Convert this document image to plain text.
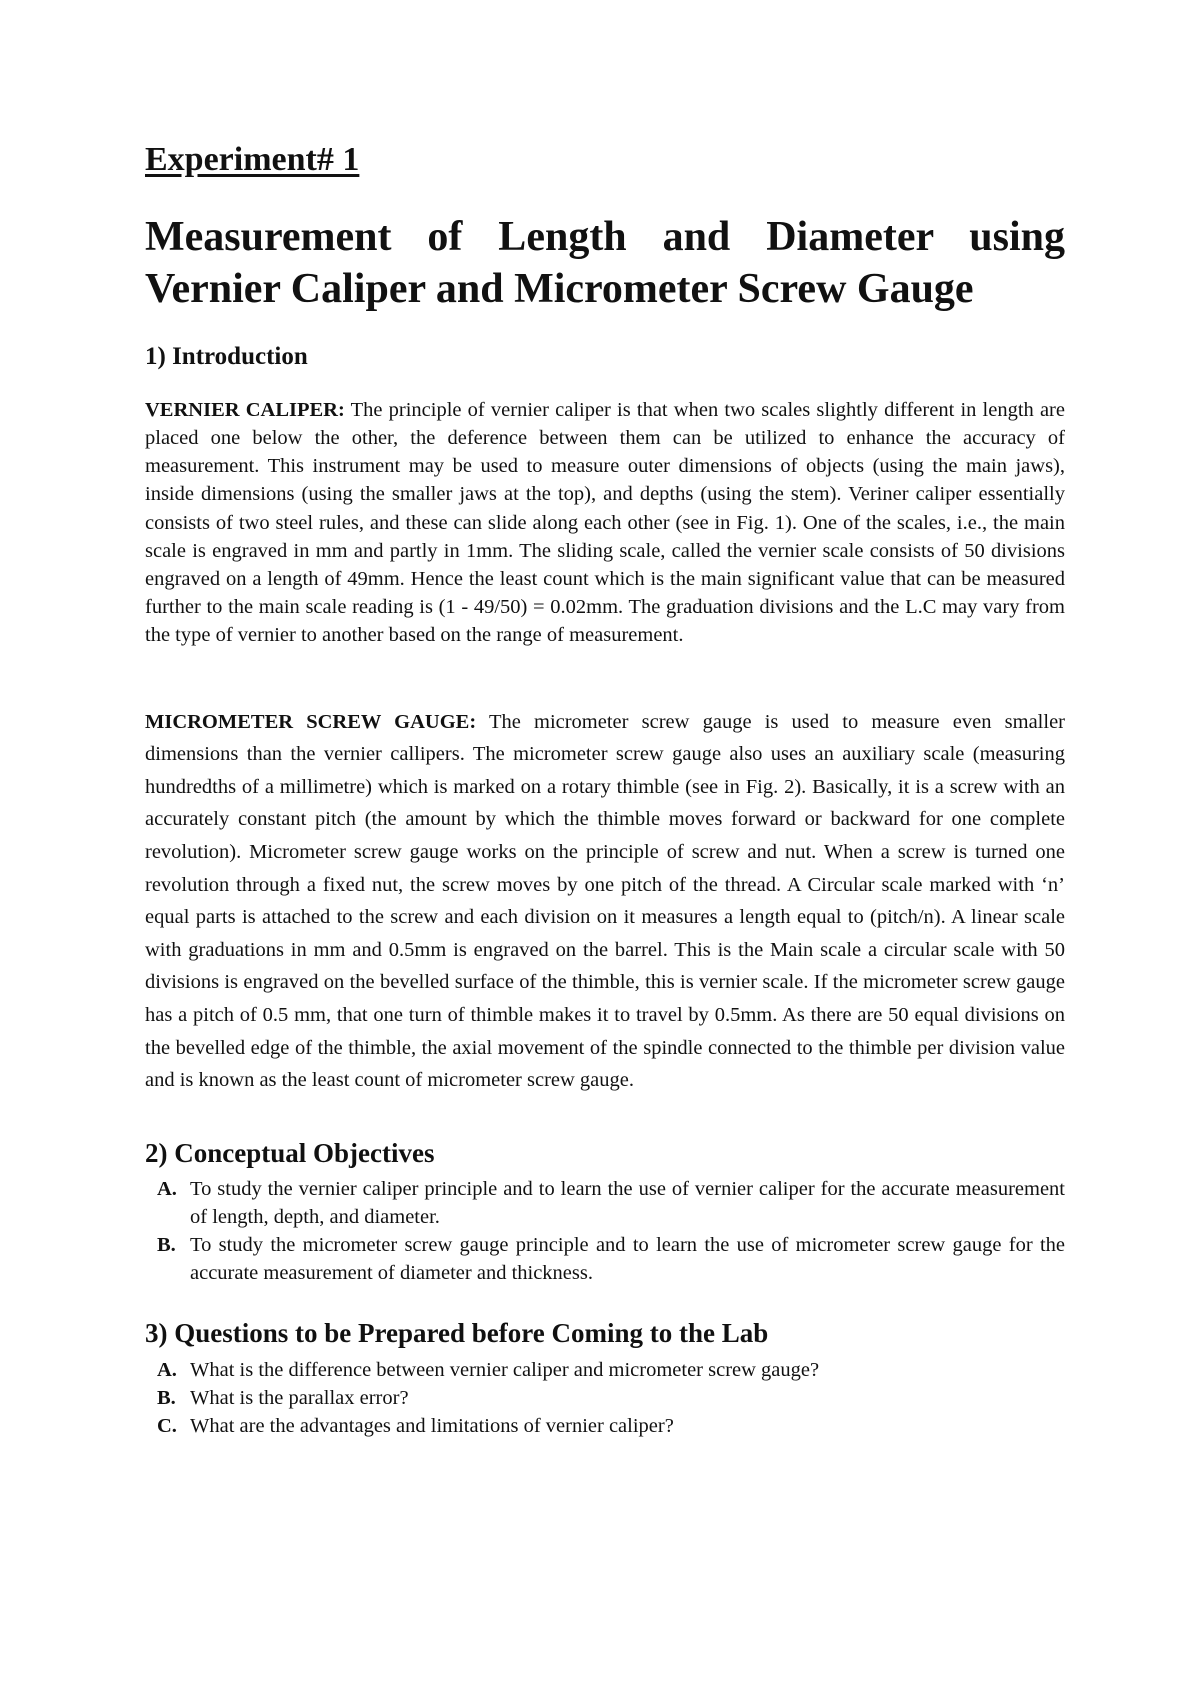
Experiment# 1
Measurement of Length and Diameter using
Vernier Caliper and Micrometer Screw Gauge
1) Introduction

VERNIER CALIPER: The principle of vernier caliper is that when two scales slightly different in length are placed one below the other, the deference between them can be utilized to enhance the accuracy of measurement. This instrument may be used to measure outer dimensions of objects (using the main jaws), inside dimensions (using the smaller jaws at the top), and depths (using the stem). Veriner caliper essentially consists of two steel rules, and these can slide along each other (see in Fig. 1). One of the scales, i.e., the main scale is engraved in mm and partly in 1mm. The sliding scale, called the vernier scale consists of 50 divisions engraved on a length of 49mm. Hence the least count which is the main significant value that can be measured further to the main scale reading is (1 - 49/50) = 0.02mm. The graduation divisions and the L.C may vary from the type of vernier to another based on the range of measurement.

MICROMETER SCREW GAUGE: The micrometer screw gauge is used to measure even smaller dimensions than the vernier callipers. The micrometer screw gauge also uses an auxiliary scale (measuring hundredths of a millimetre) which is marked on a rotary thimble (see in Fig. 2). Basically, it is a screw with an accurately constant pitch (the amount by which the thimble moves forward or backward for one complete revolution). Micrometer screw gauge works on the principle of screw and nut. When a screw is turned one revolution through a fixed nut, the screw moves by one pitch of the thread. A Circular scale marked with ‘n’ equal parts is attached to the screw and each division on it measures a length equal to (pitch/n). A linear scale with graduations in mm and 0.5mm is engraved on the barrel. This is the Main scale a circular scale with 50 divisions is engraved on the bevelled surface of the thimble, this is vernier scale. If the micrometer screw gauge has a pitch of 0.5 mm, that one turn of thimble makes it to travel by 0.5mm. As there are 50 equal divisions on the bevelled edge of the thimble, the axial movement of the spindle connected to the thimble per division value and is known as the least count of micrometer screw gauge.

2) Conceptual Objectives
A. To study the vernier caliper principle and to learn the use of vernier caliper for the accurate measurement of length, depth, and diameter.
B. To study the micrometer screw gauge principle and to learn the use of micrometer screw gauge for the accurate measurement of diameter and thickness.
3) Questions to be Prepared before Coming to the Lab
A. What is the difference between vernier caliper and micrometer screw gauge?
B. What is the parallax error?
C. What are the advantages and limitations of vernier caliper?
